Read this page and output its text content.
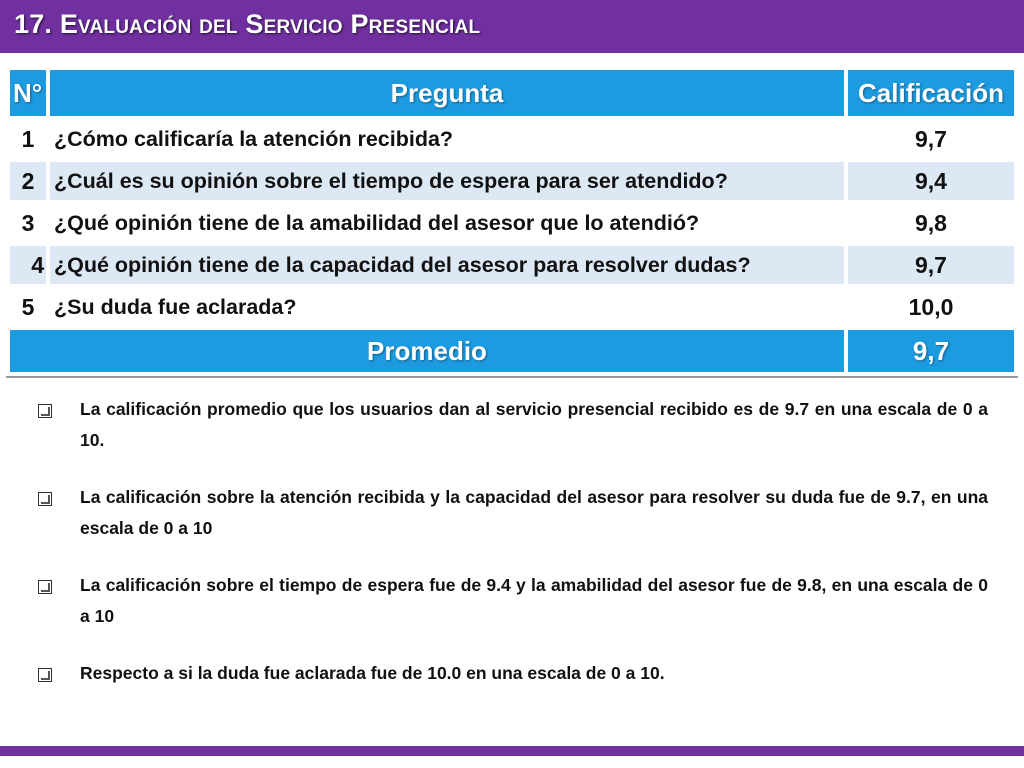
17. Evaluación del Servicio Presencial
N°	Pregunta	Calificación
1	¿Cómo calificaría la atención recibida?	9,7
2	¿Cuál es su opinión sobre el tiempo de espera para ser atendido?	9,4
3	¿Qué opinión tiene de la amabilidad del asesor que lo atendió?	9,8
4	¿Qué opinión tiene de la capacidad del asesor para resolver dudas?	9,7
5	¿Su duda fue aclarada?	10,0
Promedio		9,7
La calificación promedio que los usuarios dan al servicio presencial recibido es de 9.7 en una escala de 0 a 10.
La calificación sobre la atención recibida y la capacidad del asesor para resolver su duda fue de 9.7, en una escala de 0 a 10
La calificación sobre el tiempo de espera fue de 9.4 y la amabilidad del asesor fue de 9.8, en una escala de 0 a 10
Respecto a si la duda fue aclarada fue de 10.0 en una escala de 0 a 10.
